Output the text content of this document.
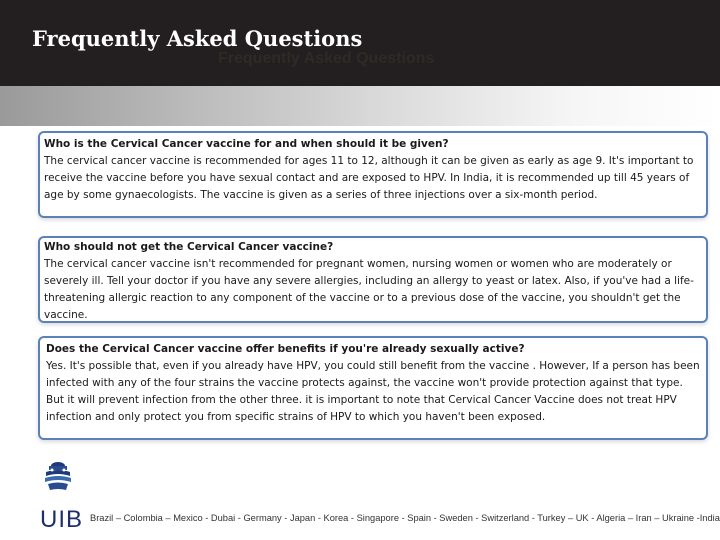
Frequently Asked Questions
Frequently Asked Questions
Who is the Cervical Cancer vaccine for and when should it be given?
The cervical cancer vaccine is recommended for ages 11 to 12, although it can be given as early as age 9. It's important to receive the vaccine before you have sexual contact and are exposed to HPV. In India, it is recommended up till 45 years of age by some gynaecologists. The vaccine is given as a series of three injections over a six-month period.
Who should not get the Cervical Cancer vaccine?
The cervical cancer vaccine isn't recommended for pregnant women, nursing women or women who are moderately or severely ill. Tell your doctor if you have any severe allergies, including an allergy to yeast or latex. Also, if you've had a life-threatening allergic reaction to any component of the vaccine or to a previous dose of the vaccine, you shouldn't get the vaccine.
Does the Cervical Cancer vaccine offer benefits if you're already sexually active?
Yes. It's possible that, even if you already have HPV, you could still benefit from the vaccine . However, If a person has been infected with any of the four strains the vaccine protects against, the vaccine won't provide protection against that type. But it will prevent infection from the other three. it is important to note that Cervical Cancer Vaccine does not treat HPV infection and only protect you from specific strains of HPV to which you haven't been exposed.
UIB Brazil – Colombia – Mexico - Dubai - Germany - Japan - Korea - Singapore - Spain - Sweden - Switzerland - Turkey – UK - Algeria – Iran – Ukraine -India
